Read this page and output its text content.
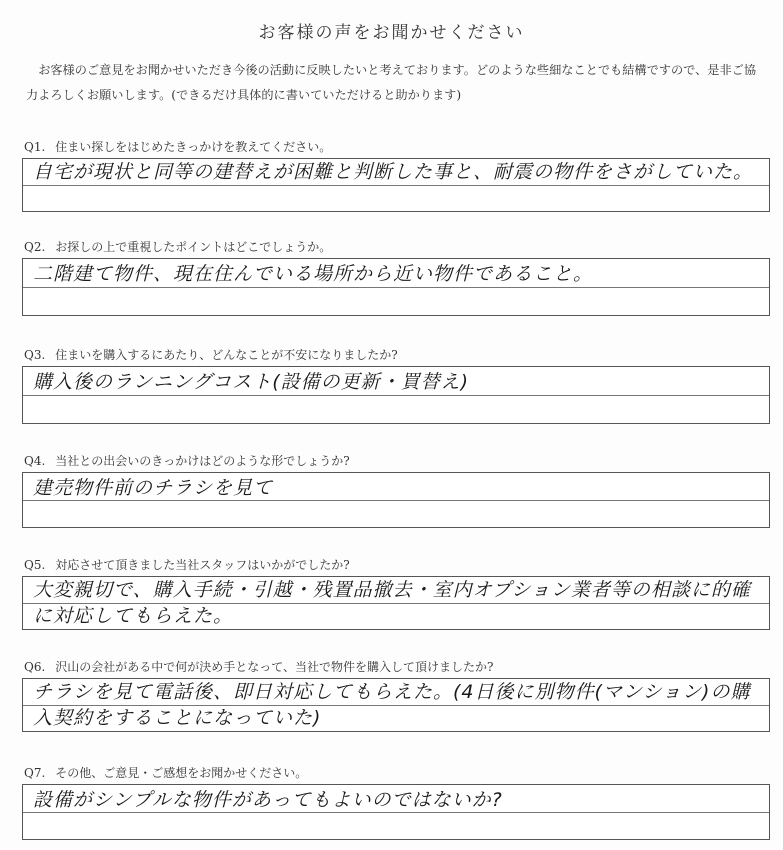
お客様の声をお聞かせください

お客様のご意見をお聞かせいただき今後の活動に反映したいと考えております。どのような些細なことでも結構ですので、是非ご協力よろしくお願いします。(できるだけ具体的に書いていただけると助かります)

Q1. 住まい探しをはじめたきっかけを教えてください。

自宅が現状と同等の建替えが困難と判断した事と、耐震の物件をさがしていた。

Q2. お探しの上で重視したポイントはどこでしょうか。

二階建て物件、現在住んでいる場所から近い物件であること。

Q3. 住まいを購入するにあたり、どんなことが不安になりましたか?

購入後のランニングコスト(設備の更新・買替え)

Q4. 当社との出会いのきっかけはどのような形でしょうか?

建売物件前のチラシを見て

Q5. 対応させて頂きました当社スタッフはいかがでしたか?

大変親切で、購入手続・引越・残置品撤去・室内オプション業者等の相談に的確に対応してもらえた。

Q6. 沢山の会社がある中で何が決め手となって、当社で物件を購入して頂けましたか?

チラシを見て電話後、即日対応してもらえた。(4日後に別物件(マンション)の購入契約をすることになっていた)

Q7. その他、ご意見・ご感想をお聞かせください。

設備がシンプルな物件があってもよいのではないか?
